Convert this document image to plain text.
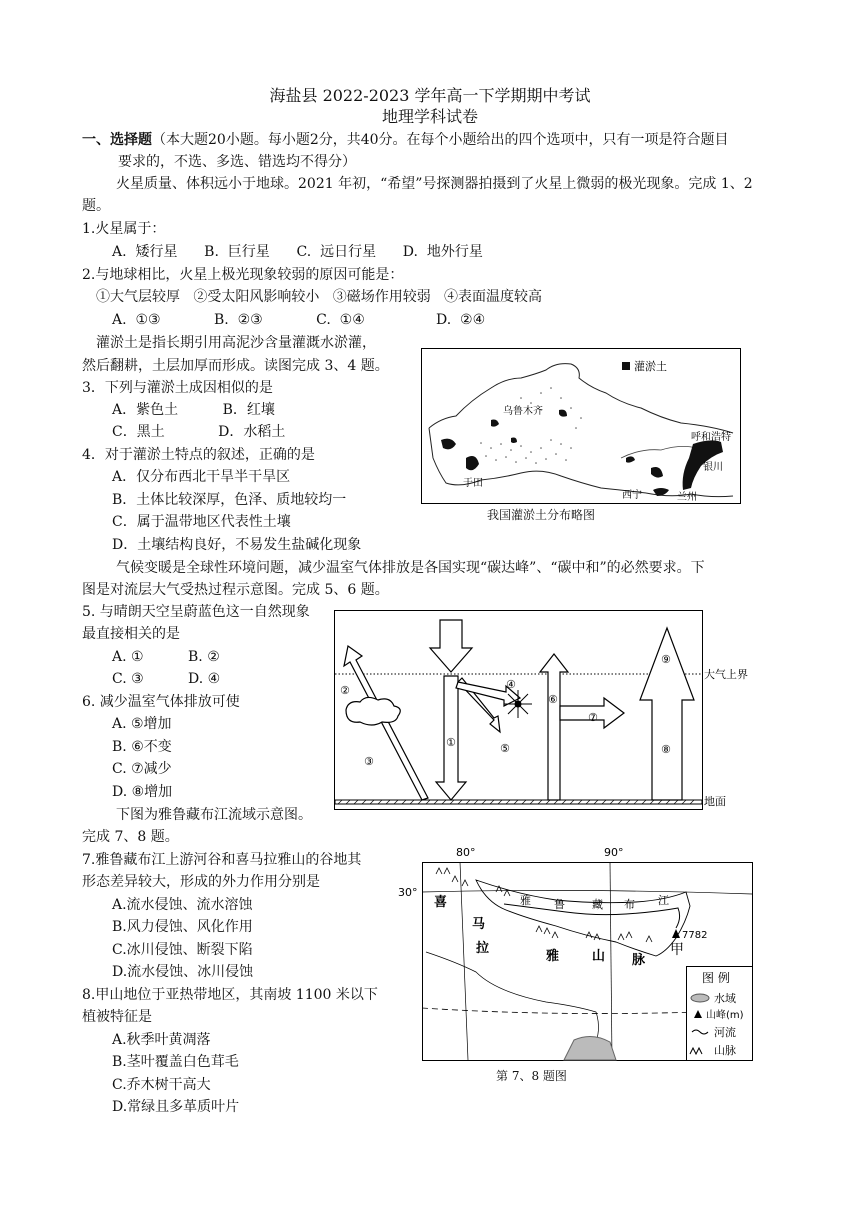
海盐县 2022-2023 学年高一下学期期中考试
地理学科试卷
一、选择题（本大题20小题。每小题2分，共40分。在每个小题给出的四个选项中，只有一项是符合题目
要求的，不选、多选、错选均不得分）
火星质量、体积远小于地球。2021 年初，“希望”号探测器拍摄到了火星上微弱的极光现象。完成 1、2
题。
1.火星属于：
A.  矮行星      B.  巨行星      C.  远日行星      D.  地外行星
2.与地球相比，火星上极光现象较弱的原因可能是：
①大气层较厚   ②受太阳风影响较小   ③磁场作用较弱   ④表面温度较高
A.  ①③            B.  ②③            C.  ①④                D.  ②④
灌淤土是指长期引用高泥沙含量灌溉水淤灌，
然后翻耕，土层加厚而形成。读图完成 3、4 题。
3．下列与灌淤土成因相似的是
A．紫色土          B．红壤
C．黑土            D．水稻土
4．对于灌淤土特点的叙述，正确的是
A．仅分布西北干旱半干旱区
B．土体比较深厚，色泽、质地较均一
C．属于温带地区代表性土壤
D．土壤结构良好，不易发生盐碱化现象
灌淤土
乌鲁木齐
呼和浩特
银川
于田
西宁	兰州
我国灌淤土分布略图
气候变暖是全球性环境问题，减少温室气体排放是各国实现“碳达峰”、“碳中和”的必然要求。下
图是对流层大气受热过程示意图。完成 5、6 题。
5. 与晴朗天空呈蔚蓝色这一自然现象
最直接相关的是
A. ①	B. ②
C. ③	D. ④
6. 减少温室气体排放可使
A. ⑤增加
B. ⑥不变
C. ⑦减少
D. ⑧增加
大气上界
地面
①
②
③
④
⑤
⑥
⑦
⑧
⑨
下图为雅鲁藏布江流域示意图。
完成 7、8 题。
7.雅鲁藏布江上游河谷和喜马拉雅山的谷地其
形态差异较大，形成的外力作用分别是
A.流水侵蚀、流水溶蚀
B.风力侵蚀、风化作用
C.冰川侵蚀、断裂下陷
D.流水侵蚀、冰川侵蚀
8.甲山地位于亚热带地区，其南坡 1100 米以下
植被特征是
A.秋季叶黄凋落
B.茎叶覆盖白色茸毛
C.乔木树干高大
D.常绿且多革质叶片
80°	90°
30°
喜
马
拉
雅	山 脉
雅 鲁 藏 布 江
7782
甲
图 例
水域
山峰(m)
河流
山脉
第 7、8 题图
